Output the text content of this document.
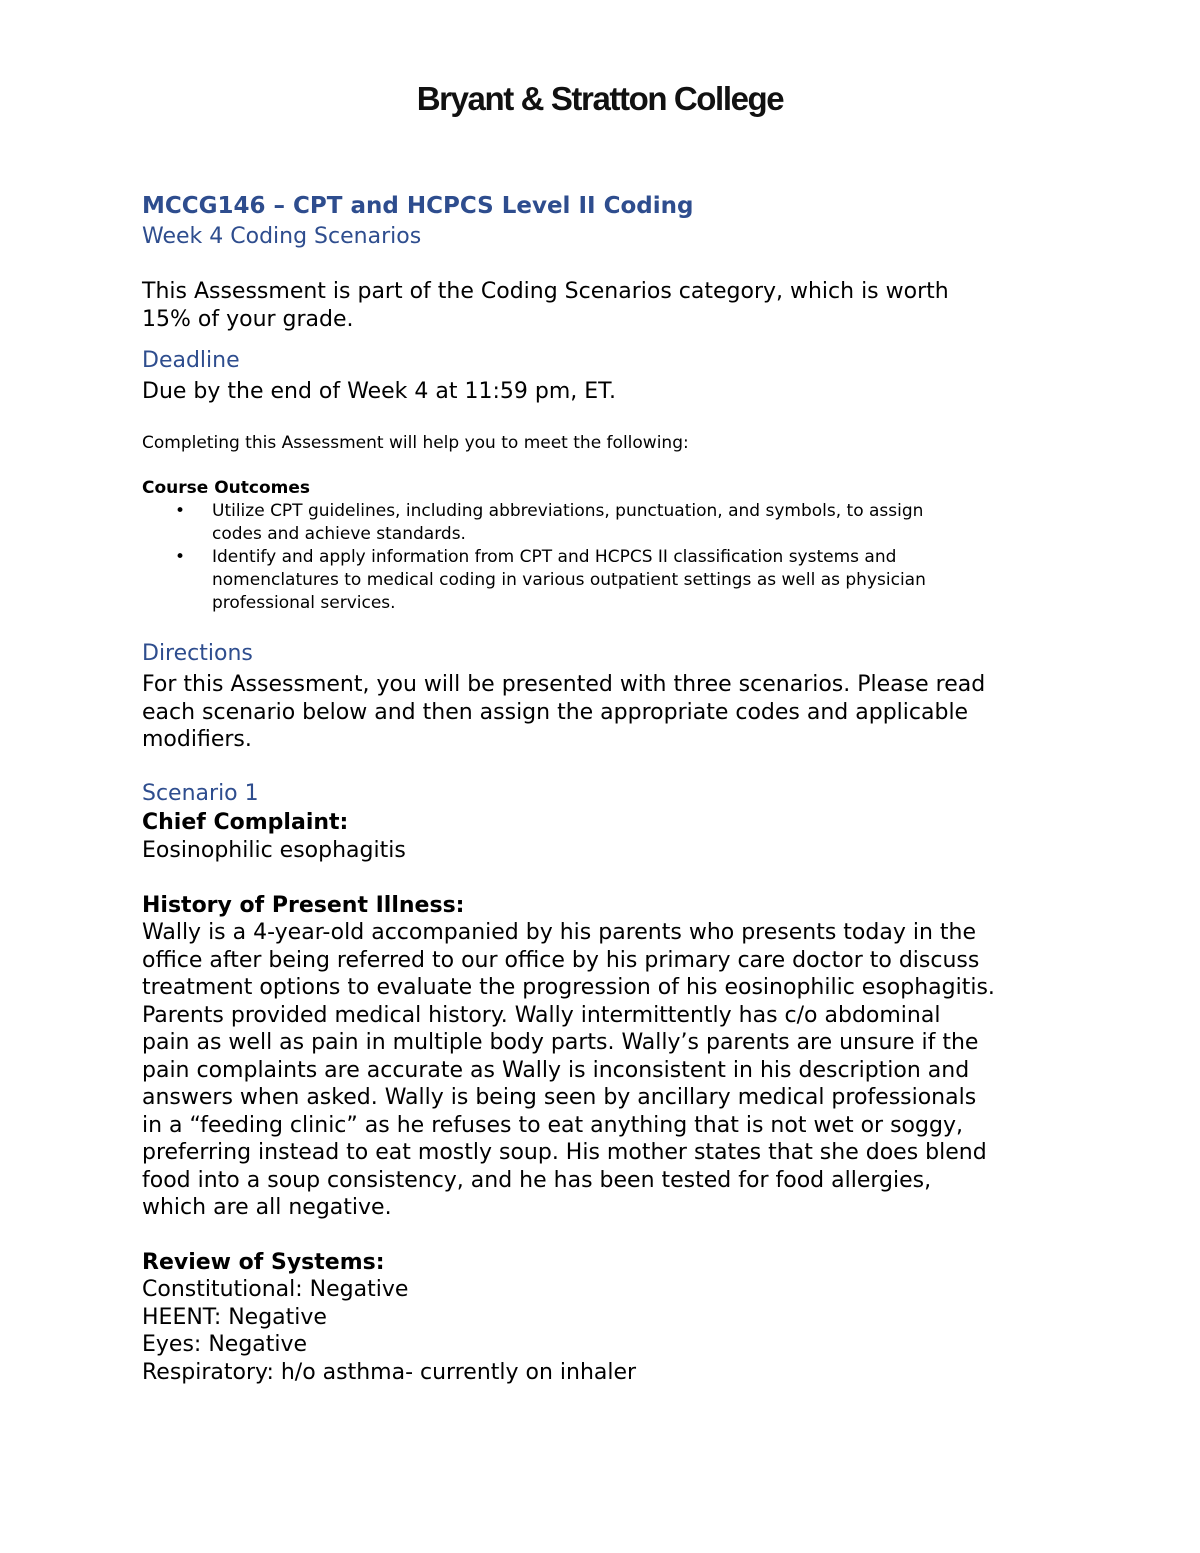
Bryant & Stratton College
MCCG146 – CPT and HCPCS Level II Coding
Week 4 Coding Scenarios
This Assessment is part of the Coding Scenarios category, which is worth
15% of your grade.
Deadline
Due by the end of Week 4 at 11:59 pm, ET.
Completing this Assessment will help you to meet the following:
Course Outcomes
• Utilize CPT guidelines, including abbreviations, punctuation, and symbols, to assign
codes and achieve standards.
• Identify and apply information from CPT and HCPCS II classification systems and
nomenclatures to medical coding in various outpatient settings as well as physician
professional services.
Directions
For this Assessment, you will be presented with three scenarios. Please read
each scenario below and then assign the appropriate codes and applicable
modifiers.
Scenario 1
Chief Complaint:
Eosinophilic esophagitis
History of Present Illness:
Wally is a 4-year-old accompanied by his parents who presents today in the
office after being referred to our office by his primary care doctor to discuss
treatment options to evaluate the progression of his eosinophilic esophagitis.
Parents provided medical history. Wally intermittently has c/o abdominal
pain as well as pain in multiple body parts. Wally’s parents are unsure if the
pain complaints are accurate as Wally is inconsistent in his description and
answers when asked. Wally is being seen by ancillary medical professionals
in a “feeding clinic” as he refuses to eat anything that is not wet or soggy,
preferring instead to eat mostly soup. His mother states that she does blend
food into a soup consistency, and he has been tested for food allergies,
which are all negative.
Review of Systems:
Constitutional: Negative
HEENT: Negative
Eyes: Negative
Respiratory: h/o asthma- currently on inhaler
